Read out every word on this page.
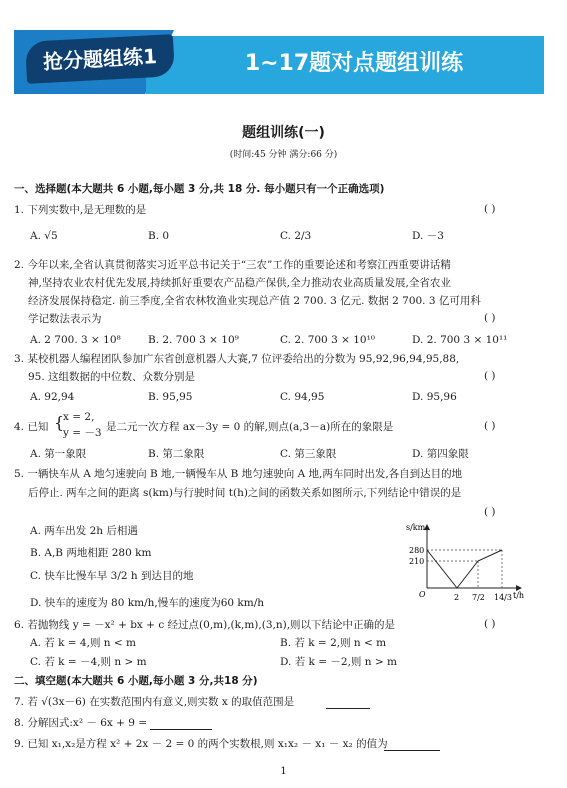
抢分题组练1	1~17题对点题组训练
题组训练(一)
(时间:45 分钟 满分:66 分)
一、选择题(本大题共 6 小题,每小题 3 分,共 18 分. 每小题只有一个正确选项)
1. 下列实数中,是无理数的是	( )
A. √5	B. 0	C. 2/3	D. －3
2. 今年以来,全省认真贯彻落实习近平总书记关于“三农”工作的重要论述和考察江西重要讲话精
神,坚持农业农村优先发展,持续抓好重要农产品稳产保供,全力推动农业高质量发展,全省农业
经济发展保持稳定. 前三季度,全省农林牧渔业实现总产值 2 700. 3 亿元. 数据 2 700. 3 亿可用科
学记数法表示为	( )
A. 2 700. 3 × 10⁸	B. 2. 700 3 × 10⁹	C. 2. 700 3 × 10¹⁰	D. 2. 700 3 × 10¹¹
3. 某校机器人编程团队参加广东省创意机器人大赛,7 位评委给出的分数为 95,92,96,94,95,88,
95. 这组数据的中位数、众数分别是	( )
A. 92,94	B. 95,95	C. 94,95	D. 95,96
4. 已知 {
x = 2,
y = －3 是二元一次方程 ax－3y = 0 的解,则点(a,3－a)所在的象限是	( )
A. 第一象限	B. 第二象限	C. 第三象限	D. 第四象限
5. 一辆快车从 A 地匀速驶向 B 地,一辆慢车从 B 地匀速驶向 A 地,两车同时出发,各自到达目的地
后停止. 两车之间的距离 s(km)与行驶时间 t(h)之间的函数关系如图所示,下列结论中错误的是
( )
A. 两车出发 2h 后相遇
B. A,B 两地相距 280 km
C. 快车比慢车早 3/2 h 到达目的地
D. 快车的速度为 80 km/h,慢车的速度为60 km/h
s/km
t/h
O
280
210
2 7/2 14/3
6. 若抛物线 y = －x² + bx + c 经过点(0,m),(k,m),(3,n),则以下结论中正确的是	( )
A. 若 k = 4,则 n < m	B. 若 k = 2,则 n < m
C. 若 k = －4,则 n > m	D. 若 k = －2,则 n > m
二、填空题(本大题共 6 小题,每小题 3 分,共18 分)
7. 若 √(3x－6) 在实数范围内有意义,则实数 x 的取值范围是
8. 分解因式:x² － 6x + 9 =
9. 已知 x₁,x₂是方程 x² + 2x － 2 = 0 的两个实数根,则 x₁x₂ － x₁ － x₂ 的值为
1
